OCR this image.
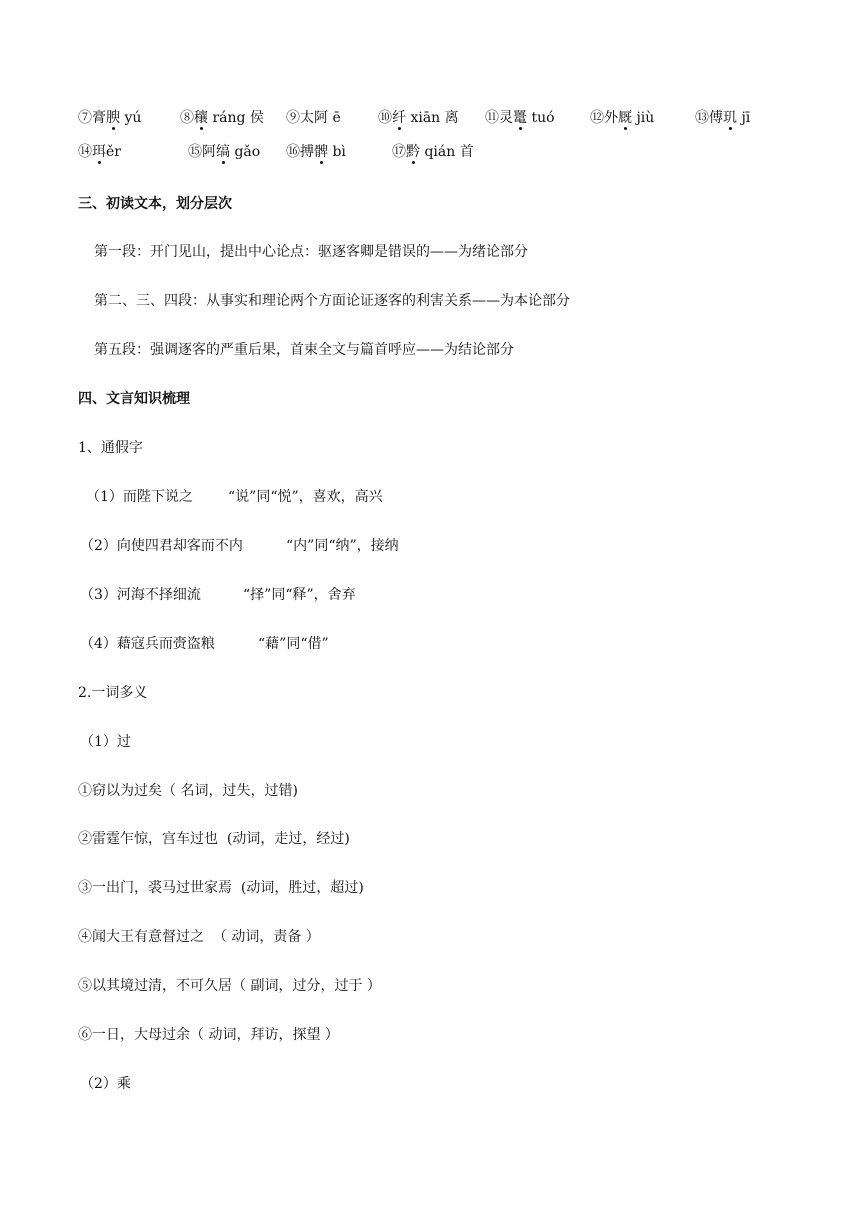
⑦膏腴 yú	⑧穰 ráng 侯 ⑨太阿 ē	⑩纤 xiān 离 ⑪灵鼍 tuó	⑫外厩 jiù	⑬傅玑 jī
⑭珥ěr	⑮阿缟 gǎo ⑯搏髀 bì	⑰黔 qián 首
三、初读文本，划分层次
第一段：开门见山，提出中心论点：驱逐客卿是错误的——为绪论部分
第二、三、四段：从事实和理论两个方面论证逐客的利害关系——为本论部分
第五段：强调逐客的严重后果，首束全文与篇首呼应——为结论部分
四、文言知识梳理
1、通假字
（1）而陛下说之	“说”同“悦”，喜欢，高兴
（2）向使四君却客而不内	“内”同“纳”，接纳
（3）河海不择细流	“择”同“释”，舍弃
（4）藉寇兵而赍盗粮	“藉”同“借”
2.一词多义
（1）过
①窃以为过矣（ 名词，过失，过错)
②雷霆乍惊，宫车过也  (动词，走过，经过)
③一出门，裘马过世家焉  (动词，胜过，超过)
④闻大王有意督过之  （ 动词，责备 ）
⑤以其境过清，不可久居（ 副词，过分，过于 ）
⑥一日，大母过余（ 动词，拜访，探望 ）
（2）乘
